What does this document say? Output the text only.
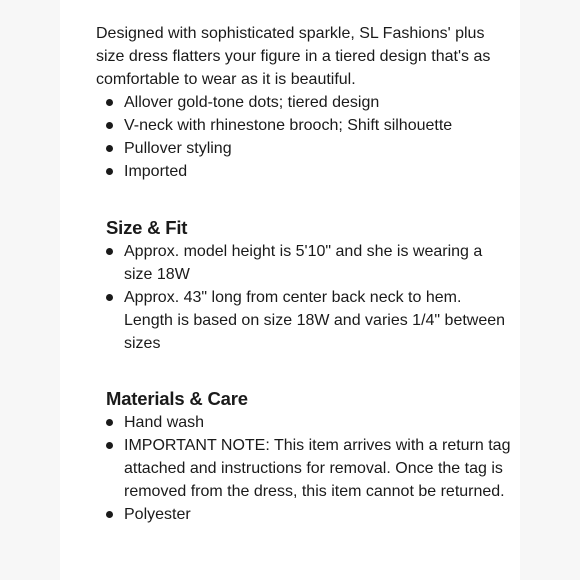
Designed with sophisticated sparkle, SL Fashions' plus size dress flatters your figure in a tiered design that's as comfortable to wear as it is beautiful.

Allover gold-tone dots; tiered design
V-neck with rhinestone brooch; Shift silhouette
Pullover styling
Imported
Size & Fit
Approx. model height is 5'10" and she is wearing a size 18W
Approx. 43" long from center back neck to hem. Length is based on size 18W and varies 1/4" between sizes
Materials & Care
Hand wash
IMPORTANT NOTE: This item arrives with a return tag attached and instructions for removal. Once the tag is removed from the dress, this item cannot be returned.
Polyester
